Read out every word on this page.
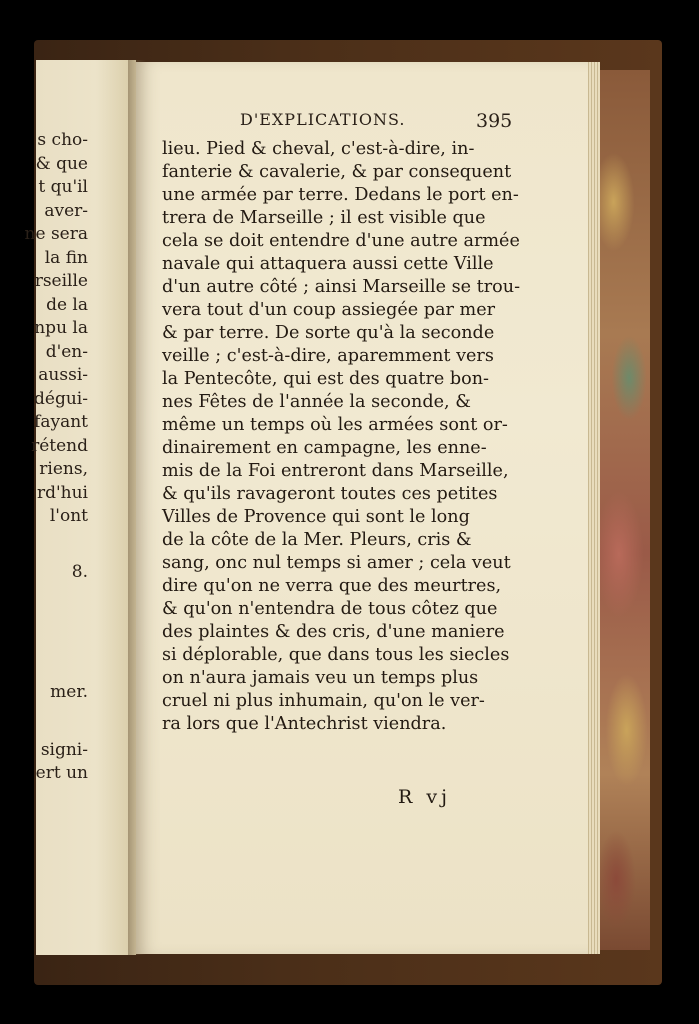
s cho-
& que
t qu'il
aver-
ne sera
la fin
rseille
de la
npu la
d'en-
aussi-
dégui-
fayant
rétend
riens,
rd'hui
l'ont
8.
mer.
signi-
ert un
D'EXPLICATIONS.	395
lieu. Pied & cheval, c'est-à-dire, in-
fanterie & cavalerie, & par consequent
une armée par terre. Dedans le port en-
trera de Marseille ; il est visible que
cela se doit entendre d'une autre armée
navale qui attaquera aussi cette Ville
d'un autre côté ; ainsi Marseille se trou-
vera tout d'un coup assiegée par mer
& par terre. De sorte qu'à la seconde
veille ; c'est-à-dire, aparemment vers
la Pentecôte, qui est des quatre bon-
nes Fêtes de l'année la seconde, &
même un temps où les armées sont or-
dinairement en campagne, les enne-
mis de la Foi entreront dans Marseille,
& qu'ils ravageront toutes ces petites
Villes de Provence qui sont le long
de la côte de la Mer. Pleurs, cris &
sang, onc nul temps si amer ; cela veut
dire qu'on ne verra que des meurtres,
& qu'on n'entendra de tous côtez que
des plaintes & des cris, d'une maniere
si déplorable, que dans tous les siecles
on n'aura jamais veu un temps plus
cruel ni plus inhumain, qu'on le ver-
ra lors que l'Antechrist viendra.
R vj
